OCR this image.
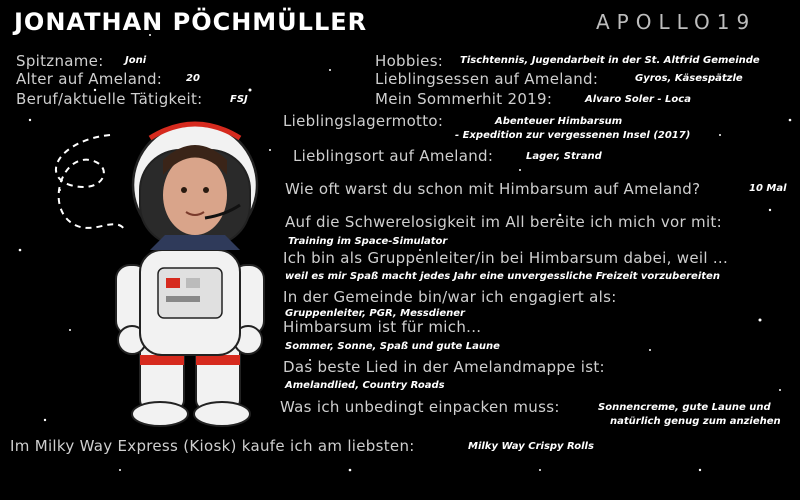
JONATHAN PÖCHMÜLLER	APOLLO19
Spitzname: Joni
Alter auf Ameland: 20
Beruf/aktuelle Tätigkeit:	FSJ
Hobbies: Tischtennis, Jugendarbeit in der St. Altfrid Gemeinde
Lieblingsessen auf Ameland:	Gyros, Käsespätzle
Mein Sommerhit 2019:	Alvaro Soler - Loca
Lieblingslagermotto:	Abenteuer Himbarsum
- Expedition zur vergessenen Insel (2017)
Lieblingsort auf Ameland:	Lager, Strand
Wie oft warst du schon mit Himbarsum auf Ameland?	10 Mal
Auf die Schwerelosigkeit im All bereite ich mich vor mit:
Training im Space-Simulator
Ich bin als Gruppenleiter/in bei Himbarsum dabei, weil ...
weil es mir Spaß macht jedes Jahr eine unvergessliche Freizeit vorzubereiten
In der Gemeinde bin/war ich engagiert als:
Gruppenleiter, PGR, Messdiener
Himbarsum ist für mich...
Sommer, Sonne, Spaß und gute Laune
Das beste Lied in der Amelandmappe ist:
Amelandlied, Country Roads
Was ich unbedingt einpacken muss:	Sonnencreme, gute Laune und
natürlich genug zum anziehen
Im Milky Way Express (Kiosk) kaufe ich am liebsten:	Milky Way Crispy Rolls
